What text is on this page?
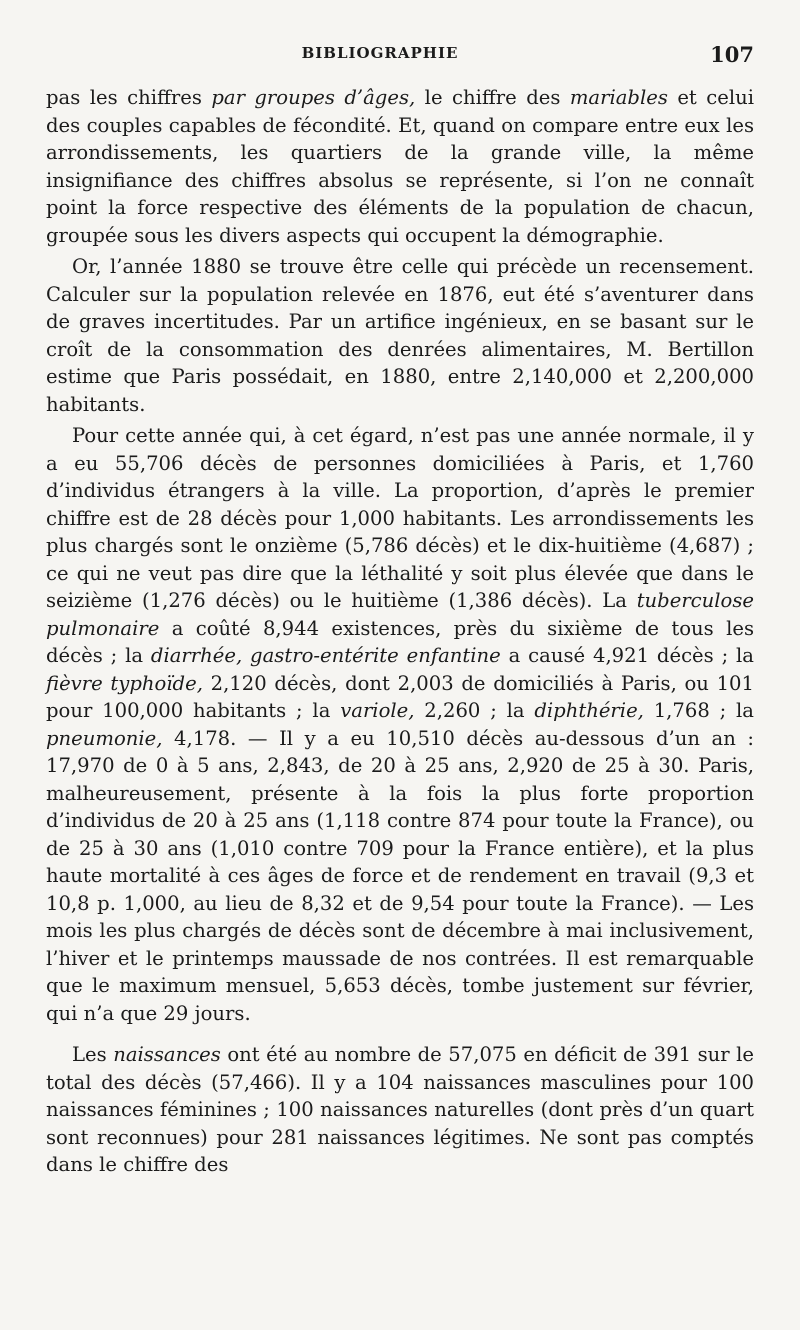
BIBLIOGRAPHIE	107

pas les chiffres par groupes d’âges, le chiffre des mariables et celui des couples capables de fécondité. Et, quand on compare entre eux les arrondissements, les quartiers de la grande ville, la même insignifiance des chiffres absolus se représente, si l’on ne connaît point la force respective des éléments de la population de chacun, groupée sous les divers aspects qui occupent la démographie.

Or, l’année 1880 se trouve être celle qui précède un recensement. Calculer sur la population relevée en 1876, eut été s’aventurer dans de graves incertitudes. Par un artifice ingénieux, en se basant sur le croît de la consommation des denrées alimentaires, M. Bertillon estime que Paris possédait, en 1880, entre 2,140,000 et 2,200,000 habitants.

Pour cette année qui, à cet égard, n’est pas une année normale, il y a eu 55,706 décès de personnes domiciliées à Paris, et 1,760 d’individus étrangers à la ville. La proportion, d’après le premier chiffre est de 28 décès pour 1,000 habitants. Les arrondissements les plus chargés sont le onzième (5,786 décès) et le dix-huitième (4,687) ; ce qui ne veut pas dire que la léthalité y soit plus élevée que dans le seizième (1,276 décès) ou le huitième (1,386 décès). La tuberculose pulmonaire a coûté 8,944 existences, près du sixième de tous les décès ; la diarrhée, gastro-entérite enfantine a causé 4,921 décès ; la fièvre typhoïde, 2,120 décès, dont 2,003 de domiciliés à Paris, ou 101 pour 100,000 habitants ; la variole, 2,260 ; la diphthérie, 1,768 ; la pneumonie, 4,178. — Il y a eu 10,510 décès au-dessous d’un an : 17,970 de 0 à 5 ans, 2,843, de 20 à 25 ans, 2,920 de 25 à 30. Paris, malheureusement, présente à la fois la plus forte proportion d’individus de 20 à 25 ans (1,118 contre 874 pour toute la France), ou de 25 à 30 ans (1,010 contre 709 pour la France entière), et la plus haute mortalité à ces âges de force et de rendement en travail (9,3 et 10,8 p. 1,000, au lieu de 8,32 et de 9,54 pour toute la France). — Les mois les plus chargés de décès sont de décembre à mai inclusivement, l’hiver et le printemps maussade de nos contrées. Il est remarquable que le maximum mensuel, 5,653 décès, tombe justement sur février, qui n’a que 29 jours.

Les naissances ont été au nombre de 57,075 en déficit de 391 sur le total des décès (57,466). Il y a 104 naissances masculines pour 100 naissances féminines ; 100 naissances naturelles (dont près d’un quart sont reconnues) pour 281 naissances légitimes. Ne sont pas comptés dans le chiffre des
